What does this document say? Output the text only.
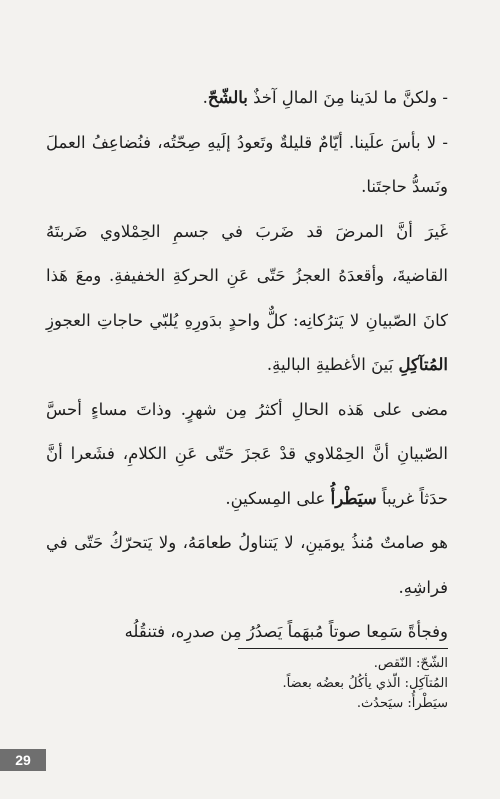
- ولكنَّ ما لدَينا مِنَ المالِ آخذٌ بالشّحّ.

- لا بأسَ علَينا. أيّامٌ قليلةٌ وتَعودُ إلَيهِ صِحّتُه، فنُضاعِفُ العملَ ونَسدُّ حاجتَنا.

غَيرَ أنَّ المرضَ قد ضَربَ في جسمِ الحِمْلاوي ضَربتَهُ القاضيةَ، وأقعدَهُ العجزُ حَتّى عَنِ الحركةِ الخفيفةِ. ومعَ هَذا كانَ الصّبيانِ لا يَترُكانِه: كلٌّ واحدٍ بدَورِهِ يُلبّي حاجاتِ العجوزِ المُتآكِلِ بَينَ الأغطيةِ الباليةِ.

مضى على هَذه الحالِ أكثرُ مِن شهرٍ. وذاتَ مساءٍ أحسَّ الصّبيانِ أنَّ الحِمْلاوي قدْ عَجزَ حَتّى عَنِ الكلامِ، فشَعرا أنَّ حدَثاً غريباً سيَطْرأُ على المِسكينِ.

هو صامتٌ مُنذُ يومَينِ، لا يَتناولُ طعامَهُ، ولا يَتحرّكُ حَتّى في فراشِهِ.

وفجأةً سَمِعا صوتاً مُبهَماً يَصدُرُ مِن صدرِه، فتنقُلُه

الشّحّ: النّقص.
المُتآكِل: الّذي يأكُلُ بعضُه بعضاً.
سيَطْرأُ: سيَحدُث.
29
